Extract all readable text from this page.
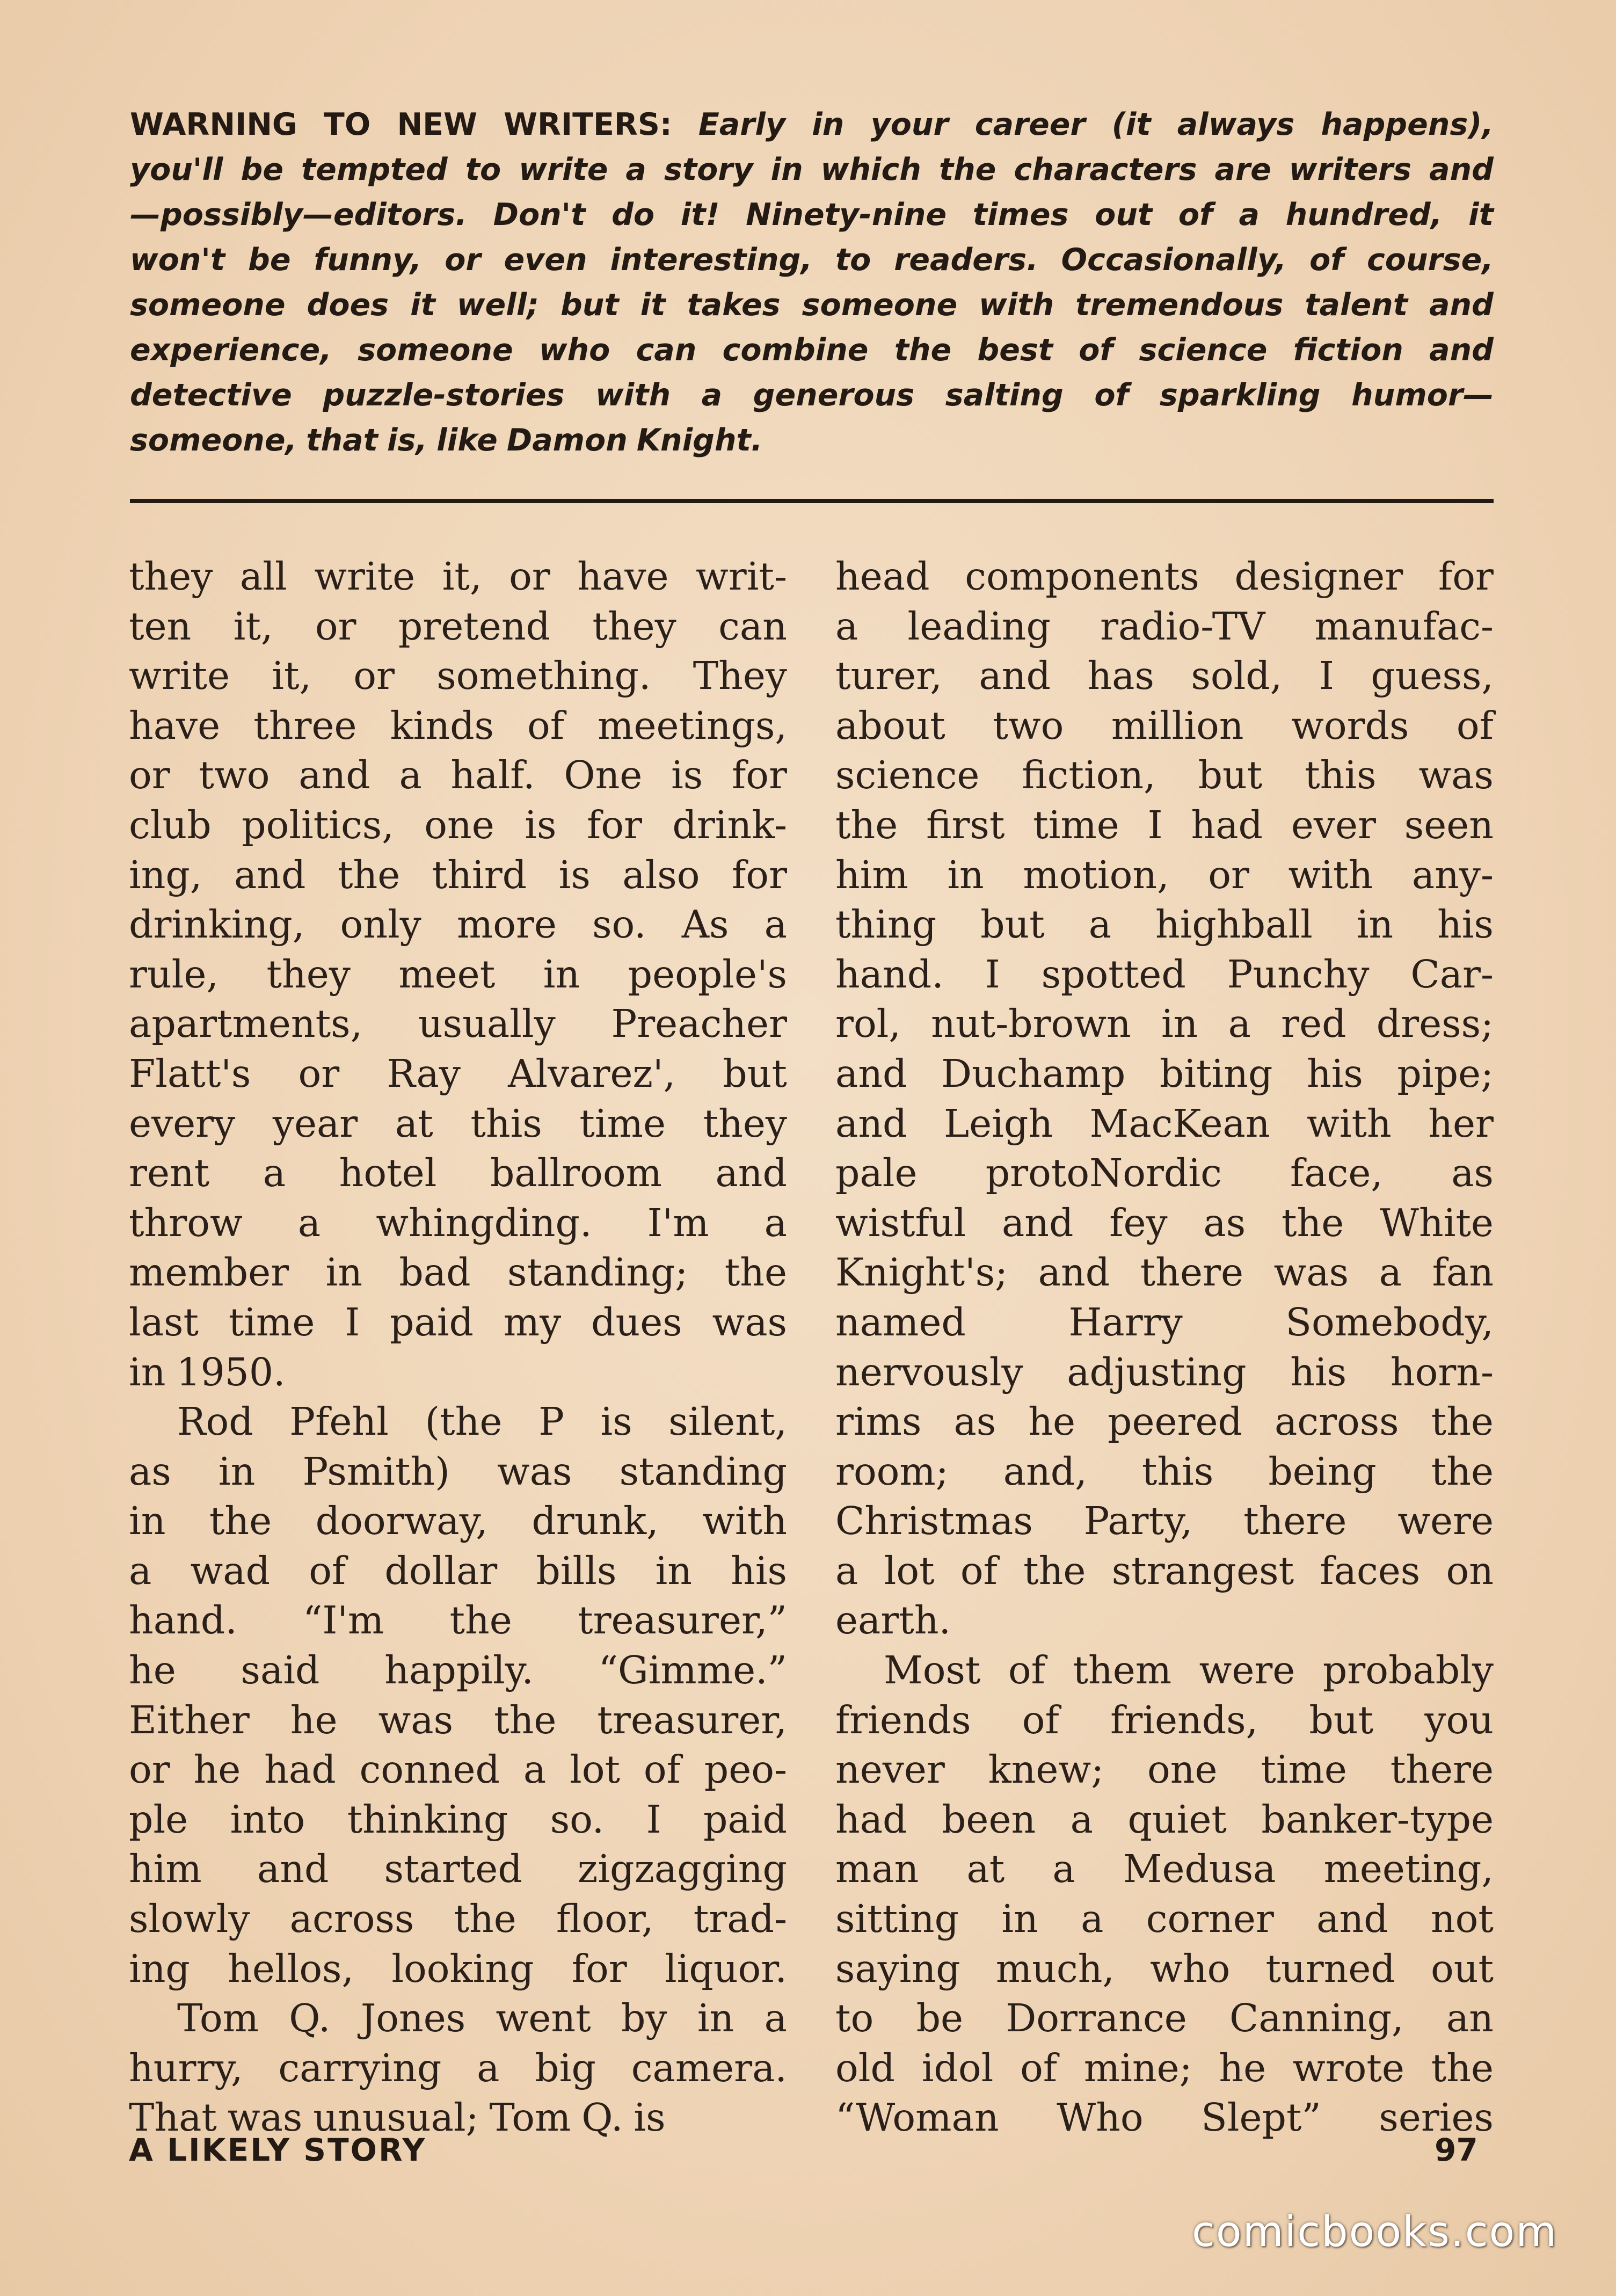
WARNING TO NEW WRITERS: Early in your career (it always happens),
you'll be tempted to write a story in which the characters are writers and
—possibly—editors. Don't do it! Ninety-nine times out of a hundred, it
won't be funny, or even interesting, to readers. Occasionally, of course,
someone does it well; but it takes someone with tremendous talent and
experience, someone who can combine the best of science fiction and
detective puzzle-stories with a generous salting of sparkling humor—
someone, that is, like Damon Knight.
they all write it, or have writ-
ten it, or pretend they can
write it, or something. They
have three kinds of meetings,
or two and a half. One is for
club politics, one is for drink-
ing, and the third is also for
drinking, only more so. As a
rule, they meet in people's
apartments, usually Preacher
Flatt's or Ray Alvarez', but
every year at this time they
rent a hotel ballroom and
throw a whingding. I'm a
member in bad standing; the
last time I paid my dues was
in 1950.
Rod Pfehl (the P is silent,
as in Psmith) was standing
in the doorway, drunk, with
a wad of dollar bills in his
hand. “I'm the treasurer,”
he said happily. “Gimme.”
Either he was the treasurer,
or he had conned a lot of peo-
ple into thinking so. I paid
him and started zigzagging
slowly across the floor, trad-
ing hellos, looking for liquor.
Tom Q. Jones went by in a
hurry, carrying a big camera.
That was unusual; Tom Q. is
head components designer for
a leading radio-TV manufac-
turer, and has sold, I guess,
about two million words of
science fiction, but this was
the first time I had ever seen
him in motion, or with any-
thing but a highball in his
hand. I spotted Punchy Car-
rol, nut-brown in a red dress;
and Duchamp biting his pipe;
and Leigh MacKean with her
pale protoNordic face, as
wistful and fey as the White
Knight's; and there was a fan
named	Harry	Somebody,
nervously adjusting his horn-
rims as he peered across the
room; and, this being the
Christmas Party, there were
a lot of the strangest faces on
earth.
Most of them were probably
friends of friends, but you
never knew; one time there
had been a quiet banker-type
man at a Medusa meeting,
sitting in a corner and not
saying much, who turned out
to be Dorrance Canning, an
old idol of mine; he wrote the
“Woman Who Slept” series
A LIKELY STORY	97
comicbooks.com
